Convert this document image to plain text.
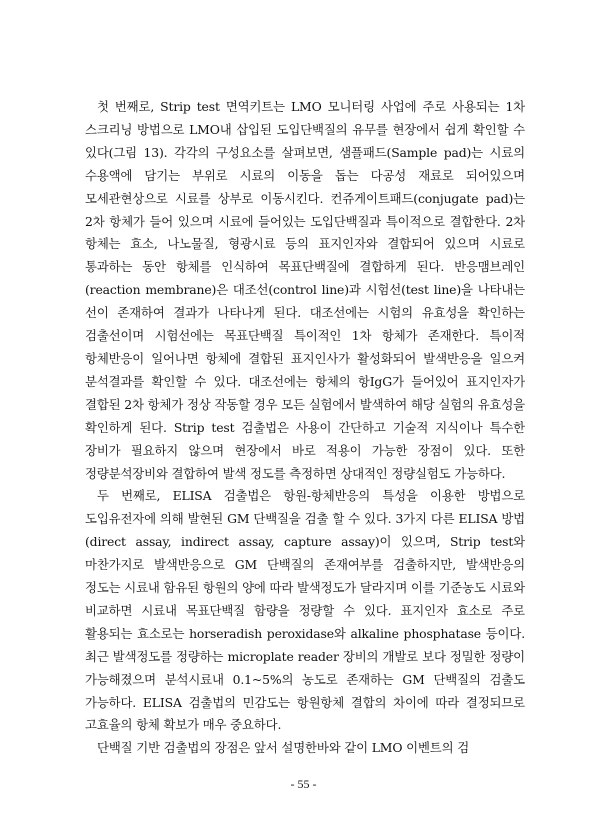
첫 번째로, Strip test 면역키트는 LMO 모니터링 사업에 주로 사용되는 1차 스크리닝 방법으로 LMO내 삽입된 도입단백질의 유무를 현장에서 쉽게 확인할 수 있다(그림 13). 각각의 구성요소를 살펴보면, 샘플패드(Sample pad)는 시료의 수용액에 담기는 부위로 시료의 이동을 돕는 다공성 재료로 되어있으며 모세관현상으로 시료를 상부로 이동시킨다. 컨쥬게이트패드(conjugate pad)는 2차 항체가 들어 있으며 시료에 들어있는 도입단백질과 특이적으로 결합한다. 2차 항체는 효소, 나노물질, 형광시료 등의 표지인자와 결합되어 있으며 시료로 통과하는 동안 항체를 인식하여 목표단백질에 결합하게 된다. 반응맴브레인(reaction membrane)은 대조선(control line)과 시험선(test line)을 나타내는 선이 존재하여 결과가 나타나게 된다. 대조선에는 시험의 유효성을 확인하는 검출선이며 시험선에는 목표단백질 특이적인 1차 항체가 존재한다. 특이적 항체반응이 일어나면 항체에 결합된 표지인사가 활성화되어 발색반응을 일으켜 분석결과를 확인할 수 있다. 대조선에는 항체의 항IgG가 들어있어 표지인자가 결합된 2차 항체가 정상 작동할 경우 모든 실험에서 발색하여 해당 실험의 유효성을 확인하게 된다. Strip test 검출법은 사용이 간단하고 기술적 지식이나 특수한 장비가 필요하지 않으며 현장에서 바로 적용이 가능한 장점이 있다. 또한 정량분석장비와 결합하여 발색 정도를 측정하면 상대적인 정량실험도 가능하다.

두 번째로, ELISA 검출법은 항원-항체반응의 특성을 이용한 방법으로 도입유전자에 의해 발현된 GM 단백질을 검출 할 수 있다. 3가지 다른 ELISA 방법(direct assay, indirect assay, capture assay)이 있으며, Strip test와 마찬가지로 발색반응으로 GM 단백질의 존재여부를 검출하지만, 발색반응의 정도는 시료내 함유된 항원의 양에 따라 발색정도가 달라지며 이를 기준농도 시료와 비교하면 시료내 목표단백질 함량을 정량할 수 있다. 표지인자 효소로 주로 활용되는 효소로는 horseradish peroxidase와 alkaline phosphatase 등이다. 최근 발색정도를 정량하는 microplate reader 장비의 개발로 보다 정밀한 정량이 가능해졌으며 분석시료내 0.1~5%의 농도로 존재하는 GM 단백질의 검출도 가능하다. ELISA 검출법의 민감도는 항원항체 결합의 차이에 따라 결정되므로 고효율의 항체 확보가 매우 중요하다.

단백질 기반 검출법의 장점은 앞서 설명한바와 같이 LMO 이벤트의 검

- 55 -
